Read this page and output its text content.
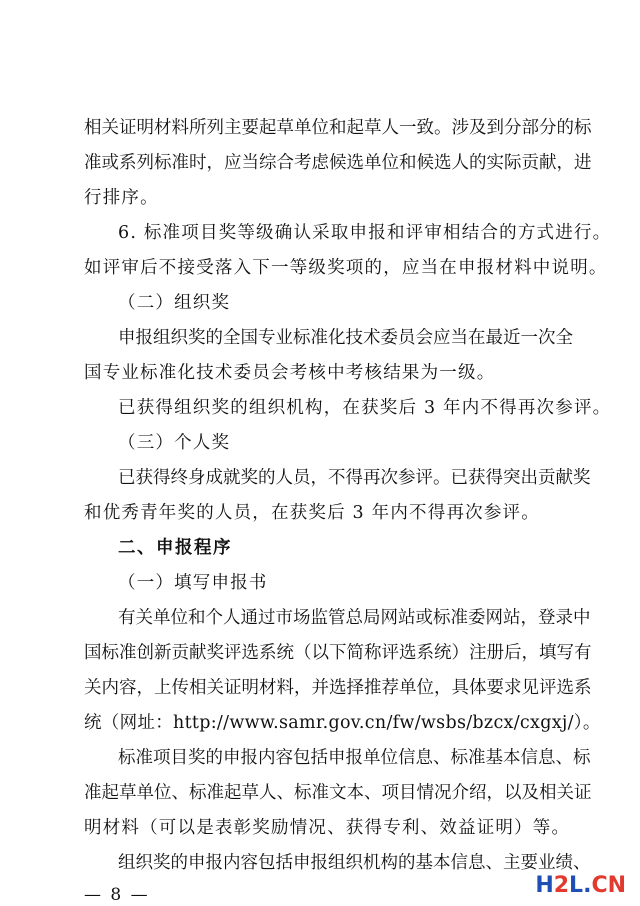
相关证明材料所列主要起草单位和起草人一致。涉及到分部分的标
准或系列标准时，应当综合考虑候选单位和候选人的实际贡献，进
行排序。
6. 标准项目奖等级确认采取申报和评审相结合的方式进行。
如评审后不接受落入下一等级奖项的，应当在申报材料中说明。
（二）组织奖
申报组织奖的全国专业标准化技术委员会应当在最近一次全
国专业标准化技术委员会考核中考核结果为一级。
已获得组织奖的组织机构，在获奖后 3 年内不得再次参评。
（三）个人奖
已获得终身成就奖的人员，不得再次参评。已获得突出贡献奖
和优秀青年奖的人员，在获奖后 3 年内不得再次参评。
二、申报程序
（一）填写申报书
有关单位和个人通过市场监管总局网站或标准委网站，登录中
国标准创新贡献奖评选系统（以下简称评选系统）注册后，填写有
关内容，上传相关证明材料，并选择推荐单位，具体要求见评选系
统（网址：http://www.samr.gov.cn/fw/wsbs/bzcx/cxgxj/）。
标准项目奖的申报内容包括申报单位信息、标准基本信息、标
准起草单位、标准起草人、标准文本、项目情况介绍，以及相关证
明材料（可以是表彰奖励情况、获得专利、效益证明）等。
组织奖的申报内容包括申报组织机构的基本信息、主要业绩、
— 8 —	H2L.CN
